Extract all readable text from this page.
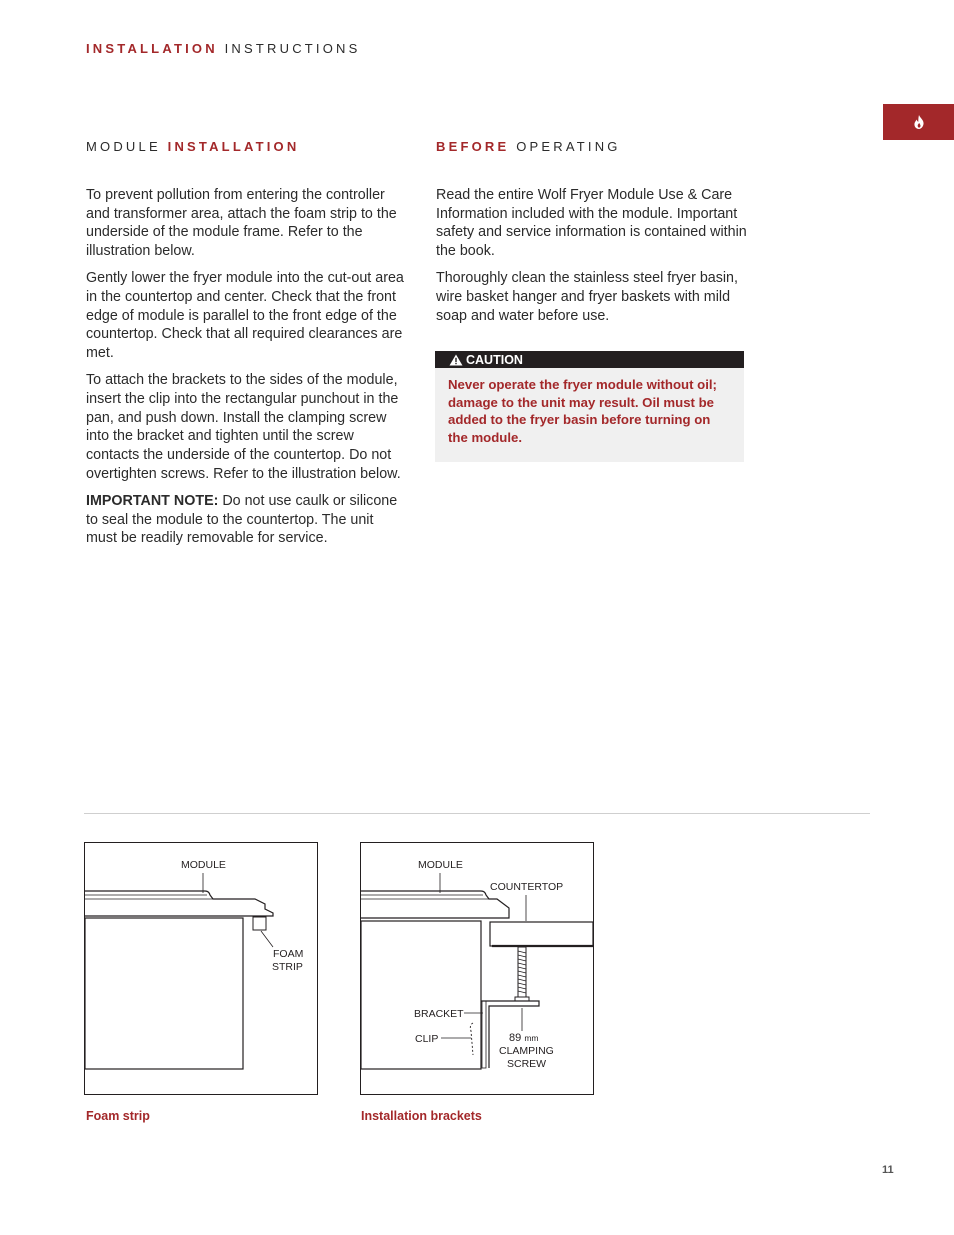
INSTALLATION INSTRUCTIONS
MODULE INSTALLATION	BEFORE OPERATING

To prevent pollution from entering the controller and transformer area, attach the foam strip to the underside of the module frame. Refer to the illustration below.

Gently lower the fryer module into the cut-out area in the countertop and center. Check that the front edge of module is parallel to the front edge of the countertop. Check that all required clearances are met.

To attach the brackets to the sides of the module, insert the clip into the rectangular punchout in the pan, and push down. Install the clamping screw into the bracket and tighten until the screw contacts the underside of the countertop. Do not overtighten screws. Refer to the illustration below.

IMPORTANT NOTE: Do not use caulk or silicone to seal the module to the countertop. The unit must be readily removable for service.

Read the entire Wolf Fryer Module Use & Care Information included with the module. Important safety and service information is contained within the book.

Thoroughly clean the stainless steel fryer basin, wire basket hanger and fryer baskets with mild soap and water before use.

CAUTION
Never operate the fryer module without oil; damage to the unit may result. Oil must be added to the fryer basin before turning on the module.
MODULE
FOAM
STRIP
Foam strip
MODULE
COUNTERTOP
BRACKET
CLIP	89 mm
CLAMPING
SCREW
Installation brackets
11
